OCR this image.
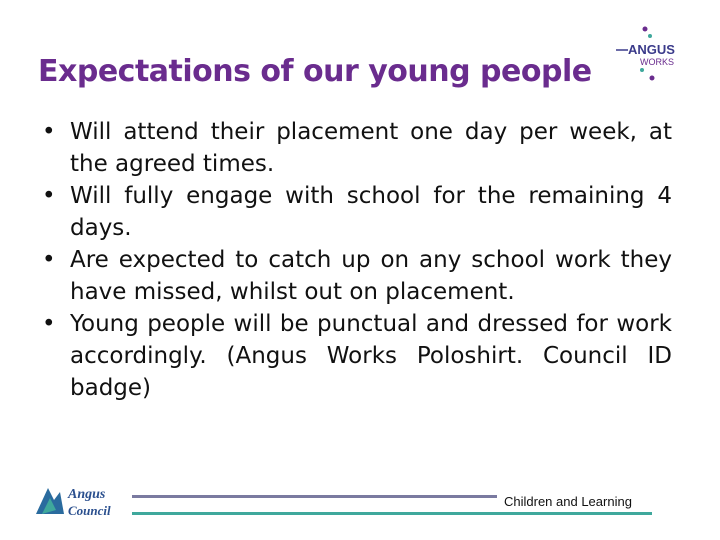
Expectations of our young people
ANGUS
WORKS
• Will attend their placement one day per week, at the agreed times.
• Will fully engage with school for the remaining 4 days.
• Are expected to catch up on any school work they have missed, whilst out on placement.
• Young people will be punctual and dressed for work accordingly. (Angus Works Poloshirt. Council ID badge)
Angus
Council
Children and Learning
